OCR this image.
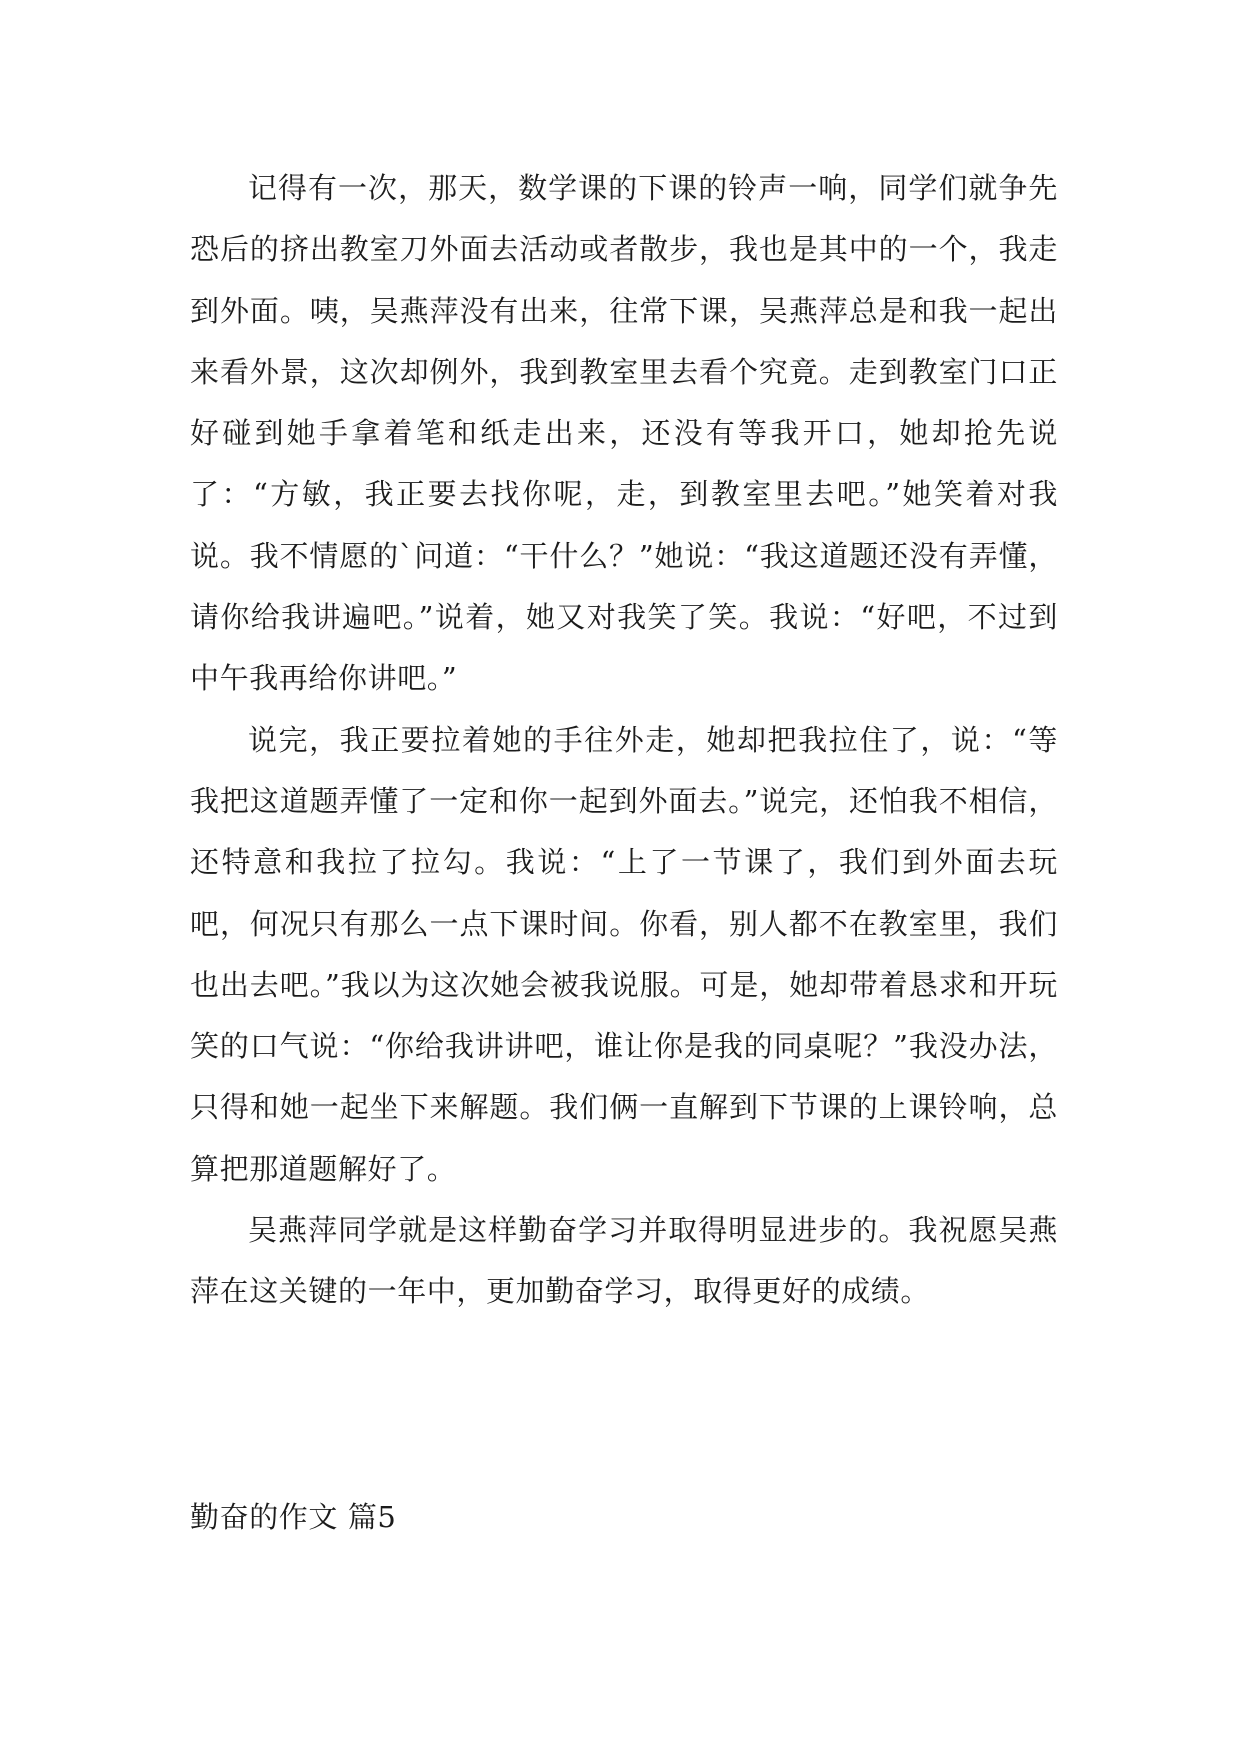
记得有一次，那天，数学课的下课的铃声一响，同学们就争先恐后的挤出教室刀外面去活动或者散步，我也是其中的一个，我走到外面。咦，吴燕萍没有出来，往常下课，吴燕萍总是和我一起出来看外景，这次却例外，我到教室里去看个究竟。走到教室门口正好碰到她手拿着笔和纸走出来，还没有等我开口，她却抢先说了：“方敏，我正要去找你呢，走，到教室里去吧。”她笑着对我说。我不情愿的`问道：“干什么？”她说：“我这道题还没有弄懂，请你给我讲遍吧。”说着，她又对我笑了笑。我说：“好吧，不过到中午我再给你讲吧。”

说完，我正要拉着她的手往外走，她却把我拉住了，说：“等我把这道题弄懂了一定和你一起到外面去。”说完，还怕我不相信，还特意和我拉了拉勾。我说：“上了一节课了，我们到外面去玩吧，何况只有那么一点下课时间。你看，别人都不在教室里，我们也出去吧。”我以为这次她会被我说服。可是，她却带着恳求和开玩笑的口气说：“你给我讲讲吧，谁让你是我的同桌呢？”我没办法，只得和她一起坐下来解题。我们俩一直解到下节课的上课铃响，总算把那道题解好了。

吴燕萍同学就是这样勤奋学习并取得明显进步的。我祝愿吴燕萍在这关键的一年中，更加勤奋学习，取得更好的成绩。

勤奋的作文 篇5
